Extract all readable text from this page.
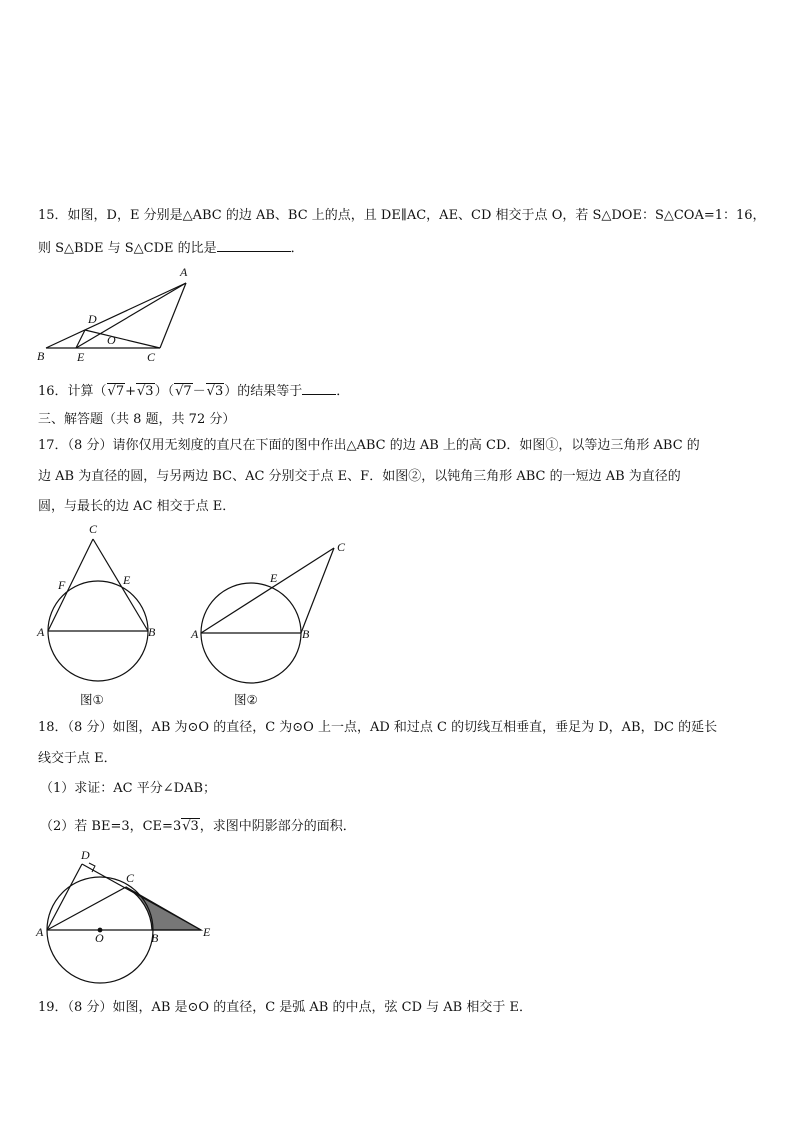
15．如图，D，E 分别是△ABC 的边 AB、BC 上的点，且 DE∥AC，AE、CD 相交于点 O，若 S△DOE：S△COA=1：16，
则 S△BDE 与 S△CDE 的比是	．
A
D
O
B	E	C
16．计算（√7+√3）（√7－√3）的结果等于	．
三、解答题（共 8 题，共 72 分）
17．（8 分）请你仅用无刻度的直尺在下面的图中作出△ABC 的边 AB 上的高 CD．如图①，以等边三角形 ABC 的
边 AB 为直径的圆，与另两边 BC、AC 分别交于点 E、F．如图②，以钝角三角形 ABC 的一短边 AB 为直径的
圆，与最长的边 AC 相交于点 E．
C
F	E
A	B
图①
C
E
A	B
图②
18．（8 分）如图，AB 为⊙O 的直径，C 为⊙O 上一点，AD 和过点 C 的切线互相垂直，垂足为 D，AB，DC 的延长
线交于点 E．
（1）求证：AC 平分∠DAB；
（2）若 BE=3，CE=3√3，求图中阴影部分的面积．
D
C
A	O	B	E
19．（8 分）如图，AB 是⊙O 的直径，C 是弧 AB 的中点，弦 CD 与 AB 相交于 E．
